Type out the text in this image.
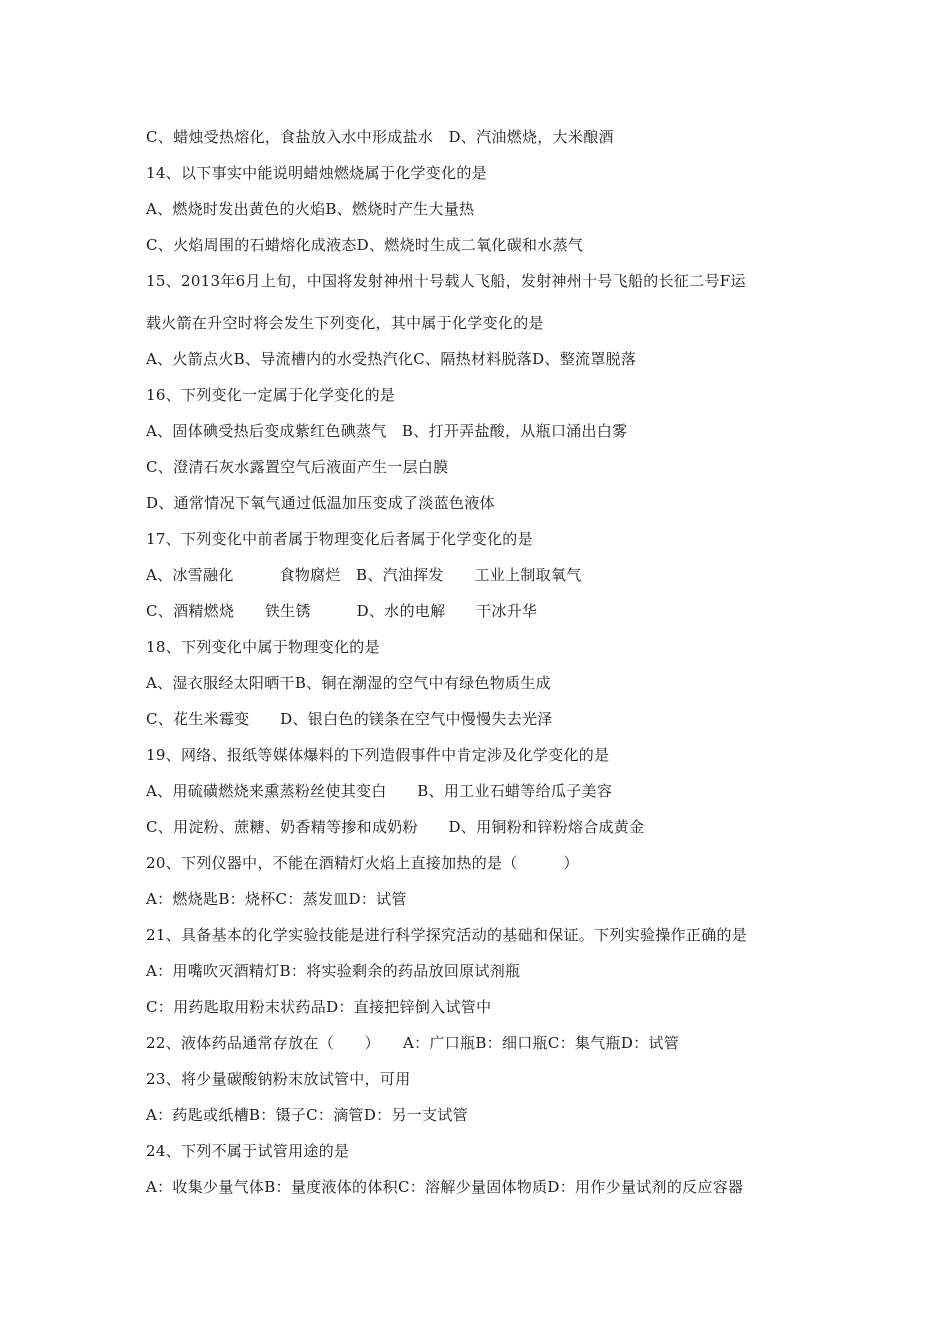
C、蜡烛受热熔化，食盐放入水中形成盐水　D、汽油燃烧，大米酿酒
14、以下事实中能说明蜡烛燃烧属于化学变化的是
A、燃烧时发出黄色的火焰B、燃烧时产生大量热
C、火焰周围的石蜡熔化成液态D、燃烧时生成二氧化碳和水蒸气
15、2013年6月上旬，中国将发射神州十号载人飞船，发射神州十号飞船的长征二号F运
载火箭在升空时将会发生下列变化，其中属于化学变化的是
A、火箭点火B、导流槽内的水受热汽化C、隔热材料脱落D、整流罩脱落
16、下列变化一定属于化学变化的是
A、固体碘受热后变成紫红色碘蒸气　B、打开弄盐酸，从瓶口涌出白雾
C、澄清石灰水露置空气后液面产生一层白膜
D、通常情况下氧气通过低温加压变成了淡蓝色液体
17、下列变化中前者属于物理变化后者属于化学变化的是
A、冰雪融化　　　食物腐烂　B、汽油挥发　　工业上制取氧气
C、酒精燃烧　　铁生锈　　　D、水的电解　　干冰升华
18、下列变化中属于物理变化的是
A、湿衣服经太阳晒干B、铜在潮湿的空气中有绿色物质生成
C、花生米霉变　　D、银白色的镁条在空气中慢慢失去光泽
19、网络、报纸等媒体爆料的下列造假事件中肯定涉及化学变化的是
A、用硫磺燃烧来熏蒸粉丝使其变白　　B、用工业石蜡等给瓜子美容
C、用淀粉、蔗糖、奶香精等掺和成奶粉　　D、用铜粉和锌粉熔合成黄金
20、下列仪器中，不能在酒精灯火焰上直接加热的是（　　　）
A：燃烧匙B：烧杯C：蒸发皿D：试管
21、具备基本的化学实验技能是进行科学探究活动的基础和保证。下列实验操作正确的是
A：用嘴吹灭酒精灯B：将实验剩余的药品放回原试剂瓶
C：用药匙取用粉末状药品D：直接把锌倒入试管中
22、液体药品通常存放在（　　）　　A：广口瓶B：细口瓶C：集气瓶D：试管
23、将少量碳酸钠粉末放试管中，可用
A：药匙或纸槽B：镊子C：滴管D：另一支试管
24、下列不属于试管用途的是
A：收集少量气体B：量度液体的体积C：溶解少量固体物质D：用作少量试剂的反应容器
